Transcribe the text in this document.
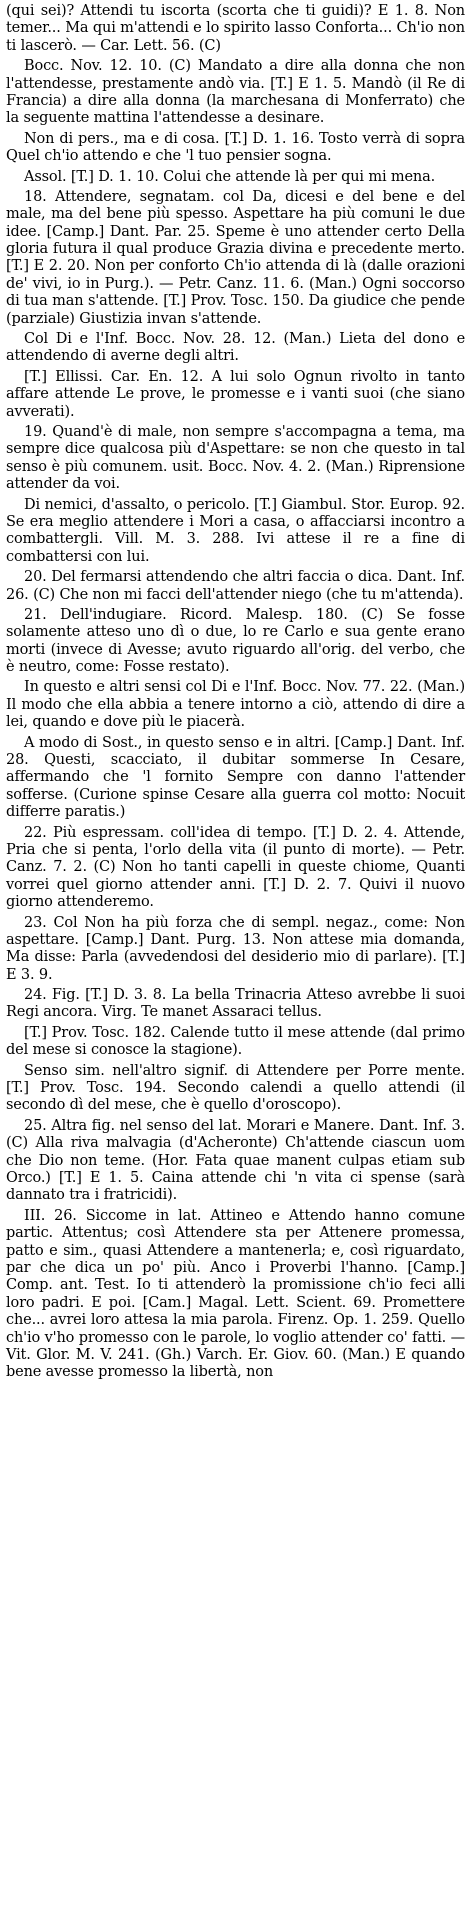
(qui sei)? Attendi tu iscorta (scorta che ti guidi)? E 1. 8. Non temer... Ma qui m'attendi e lo spirito lasso Conforta... Ch'io non ti lascerò. — Car. Lett. 56. (C)

Bocc. Nov. 12. 10. (C) Mandato a dire alla donna che non l'attendesse, prestamente andò via. [T.] E 1. 5. Mandò (il Re di Francia) a dire alla donna (la marchesana di Monferrato) che la seguente mattina l'attendesse a desinare.

Non di pers., ma e di cosa. [T.] D. 1. 16. Tosto verrà di sopra Quel ch'io attendo e che 'l tuo pensier sogna.

Assol. [T.] D. 1. 10. Colui che attende là per qui mi mena.

18. Attendere, segnatam. col Da, dicesi e del bene e del male, ma del bene più spesso. Aspettare ha più comuni le due idee. [Camp.] Dant. Par. 25. Speme è uno attender certo Della gloria futura il qual produce Grazia divina e precedente merto. [T.] E 2. 20. Non per conforto Ch'io attenda di là (dalle orazioni de' vivi, io in Purg.). — Petr. Canz. 11. 6. (Man.) Ogni soccorso di tua man s'attende. [T.] Prov. Tosc. 150. Da giudice che pende (parziale) Giustizia invan s'attende.

Col Di e l'Inf. Bocc. Nov. 28. 12. (Man.) Lieta del dono e attendendo di averne degli altri.

[T.] Ellissi. Car. En. 12. A lui solo Ognun rivolto in tanto affare attende Le prove, le promesse e i vanti suoi (che siano avverati).

19. Quand'è di male, non sempre s'accompagna a tema, ma sempre dice qualcosa più d'Aspettare: se non che questo in tal senso è più comunem. usit. Bocc. Nov. 4. 2. (Man.) Riprensione attender da voi.

Di nemici, d'assalto, o pericolo. [T.] Giambul. Stor. Europ. 92. Se era meglio attendere i Mori a casa, o affacciarsi incontro a combattergli. Vill. M. 3. 288. Ivi attese il re a fine di combattersi con lui.

20. Del fermarsi attendendo che altri faccia o dica. Dant. Inf. 26. (C) Che non mi facci dell'attender niego (che tu m'attenda).

21. Dell'indugiare. Ricord. Malesp. 180. (C) Se fosse solamente atteso uno dì o due, lo re Carlo e sua gente erano morti (invece di Avesse; avuto riguardo all'orig. del verbo, che è neutro, come: Fosse restato).

In questo e altri sensi col Di e l'Inf. Bocc. Nov. 77. 22. (Man.) Il modo che ella abbia a tenere intorno a ciò, attendo di dire a lei, quando e dove più le piacerà.

A modo di Sost., in questo senso e in altri. [Camp.] Dant. Inf. 28. Questi, scacciato, il dubitar sommerse In Cesare, affermando che 'l fornito Sempre con danno l'attender sofferse. (Curione spinse Cesare alla guerra col motto: Nocuit differre paratis.)

22. Più espressam. coll'idea di tempo. [T.] D. 2. 4. Attende, Pria che si penta, l'orlo della vita (il punto di morte). — Petr. Canz. 7. 2. (C) Non ho tanti capelli in queste chiome, Quanti vorrei quel giorno attender anni. [T.] D. 2. 7. Quivi il nuovo giorno attenderemo.

23. Col Non ha più forza che di sempl. negaz., come: Non aspettare. [Camp.] Dant. Purg. 13. Non attese mia domanda, Ma disse: Parla (avvedendosi del desiderio mio di parlare). [T.] E 3. 9.

24. Fig. [T.] D. 3. 8. La bella Trinacria Atteso avrebbe li suoi Regi ancora. Virg. Te manet Assaraci tellus.

[T.] Prov. Tosc. 182. Calende tutto il mese attende (dal primo del mese si conosce la stagione).

Senso sim. nell'altro signif. di Attendere per Porre mente. [T.] Prov. Tosc. 194. Secondo calendi a quello attendi (il secondo dì del mese, che è quello d'oroscopo).

25. Altra fig. nel senso del lat. Morari e Manere. Dant. Inf. 3. (C) Alla riva malvagia (d'Acheronte) Ch'attende ciascun uom che Dio non teme. (Hor. Fata quae manent culpas etiam sub Orco.) [T.] E 1. 5. Caina attende chi 'n vita ci spense (sarà dannato tra i fratricidi).

III. 26. Siccome in lat. Attineo e Attendo hanno comune partic. Attentus; così Attendere sta per Attenere promessa, patto e sim., quasi Attendere a mantenerla; e, così riguardato, par che dica un po' più. Anco i Proverbi l'hanno. [Camp.] Comp. ant. Test. Io ti attenderò la promissione ch'io feci alli loro padri. E poi. [Cam.] Magal. Lett. Scient. 69. Promettere che... avrei loro attesa la mia parola. Firenz. Op. 1. 259. Quello ch'io v'ho promesso con le parole, lo voglio attender co' fatti. — Vit. Glor. M. V. 241. (Gh.) Varch. Er. Giov. 60. (Man.) E quando bene avesse promesso la libertà, non
